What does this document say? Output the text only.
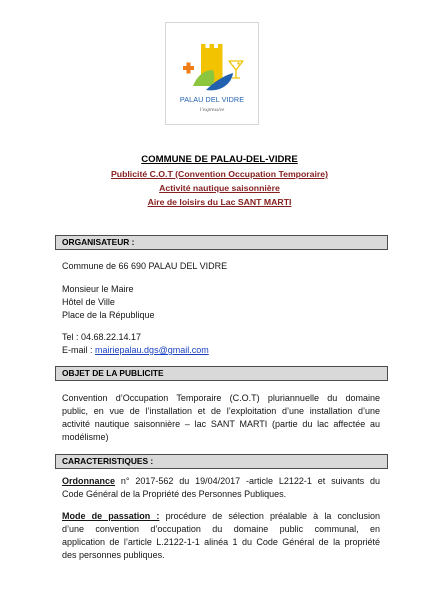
PALAU DEL VIDRE
l’expressive
COMMUNE DE PALAU-DEL-VIDRE
Publicité C.O.T (Convention Occupation Temporaire)
Activité nautique saisonnière
Aire de loisirs du Lac SANT MARTI
ORGANISATEUR :
Commune de 66 690 PALAU DEL VIDRE
Monsieur le Maire
Hôtel de Ville
Place de la République
Tel : 04.68.22.14.17
E-mail : mairiepalau.dgs@gmail.com
OBJET DE LA PUBLICITE
Convention d’Occupation Temporaire (C.O.T) pluriannuelle du domaine
public, en vue de l’installation et de l’exploitation d’une installation d’une
activité nautique saisonnière – lac SANT MARTI (partie du lac affectée au
modélisme)
CARACTERISTIQUES :
Ordonnance n° 2017-562 du 19/04/2017 -article L2122-1 et suivants du
Code Général de la Propriété des Personnes Publiques.
Mode de passation : procédure de sélection préalable à la conclusion
d’une convention d’occupation du domaine public communal, en
application de l’article L.2122-1-1 alinéa 1 du Code Général de la propriété
des personnes publiques.
